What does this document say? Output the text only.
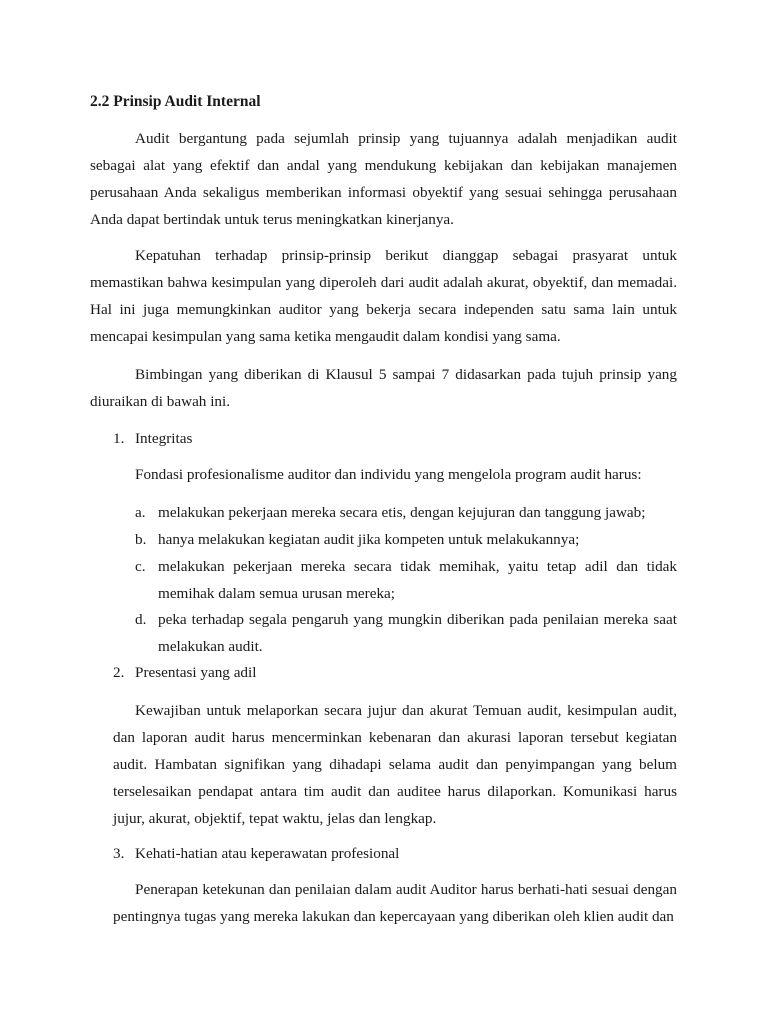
2.2 Prinsip Audit Internal

Audit bergantung pada sejumlah prinsip yang tujuannya adalah menjadikan audit sebagai alat yang efektif dan andal yang mendukung kebijakan dan kebijakan manajemen perusahaan Anda sekaligus memberikan informasi obyektif yang sesuai sehingga perusahaan Anda dapat bertindak untuk terus meningkatkan kinerjanya.

Kepatuhan terhadap prinsip-prinsip berikut dianggap sebagai prasyarat untuk memastikan bahwa kesimpulan yang diperoleh dari audit adalah akurat, obyektif, dan memadai. Hal ini juga memungkinkan auditor yang bekerja secara independen satu sama lain untuk mencapai kesimpulan yang sama ketika mengaudit dalam kondisi yang sama.

Bimbingan yang diberikan di Klausul 5 sampai 7 didasarkan pada tujuh prinsip yang diuraikan di bawah ini.

1. Integritas

Fondasi profesionalisme auditor dan individu yang mengelola program audit harus:

a. melakukan pekerjaan mereka secara etis, dengan kejujuran dan tanggung jawab;

b. hanya melakukan kegiatan audit jika kompeten untuk melakukannya;

c. melakukan pekerjaan mereka secara tidak memihak, yaitu tetap adil dan tidak memihak dalam semua urusan mereka;

d. peka terhadap segala pengaruh yang mungkin diberikan pada penilaian mereka saat melakukan audit.

2. Presentasi yang adil

Kewajiban untuk melaporkan secara jujur dan akurat Temuan audit, kesimpulan audit, dan laporan audit harus mencerminkan kebenaran dan akurasi laporan tersebut kegiatan audit. Hambatan signifikan yang dihadapi selama audit dan penyimpangan yang belum terselesaikan pendapat antara tim audit dan auditee harus dilaporkan. Komunikasi harus jujur, akurat, objektif, tepat waktu, jelas dan lengkap.

3. Kehati-hatian atau keperawatan profesional

Penerapan ketekunan dan penilaian dalam audit Auditor harus berhati-hati sesuai dengan pentingnya tugas yang mereka lakukan dan kepercayaan yang diberikan oleh klien audit dan
